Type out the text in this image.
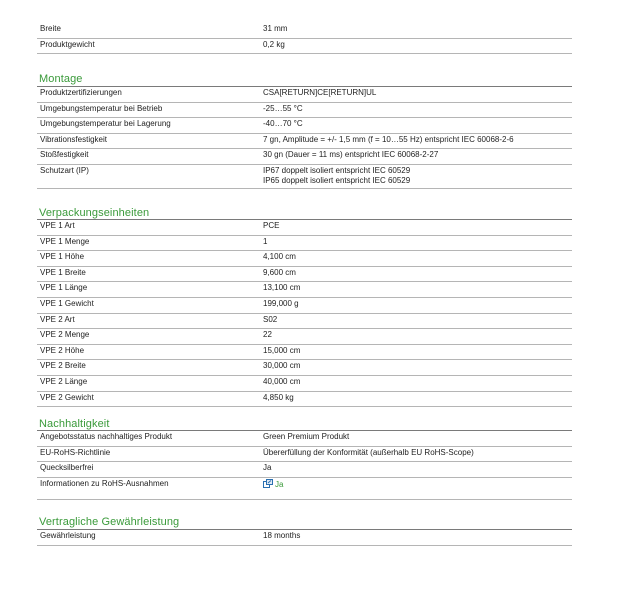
Breite	31 mm
Produktgewicht	0,2 kg
Montage
Produktzertifizierungen	CSA[RETURN]CE[RETURN]UL
Umgebungstemperatur bei Betrieb	-25…55 °C
Umgebungstemperatur bei Lagerung	-40…70 °C
Vibrationsfestigkeit	7 gn, Amplitude = +/- 1,5 mm (f = 10…55 Hz) entspricht IEC 60068-2-6
Stoßfestigkeit	30 gn (Dauer = 11 ms) entspricht IEC 60068-2-27
Schutzart (IP)	IP67 doppelt isoliert entspricht IEC 60529
IP65 doppelt isoliert entspricht IEC 60529
Verpackungseinheiten
VPE 1 Art	PCE
VPE 1 Menge	1
VPE 1 Höhe	4,100 cm
VPE 1 Breite	9,600 cm
VPE 1 Länge	13,100 cm
VPE 1 Gewicht	199,000 g
VPE 2 Art	S02
VPE 2 Menge	22
VPE 2 Höhe	15,000 cm
VPE 2 Breite	30,000 cm
VPE 2 Länge	40,000 cm
VPE 2 Gewicht	4,850 kg
Nachhaltigkeit
Angebotsstatus nachhaltiges Produkt	Green Premium Produkt
EU-RoHS-Richtlinie	Übererfüllung der Konformität (außerhalb EU RoHS-Scope)
Quecksilberfrei	Ja
Informationen zu RoHS-Ausnahmen	Ja
Vertragliche Gewährleistung
Gewährleistung	18 months
